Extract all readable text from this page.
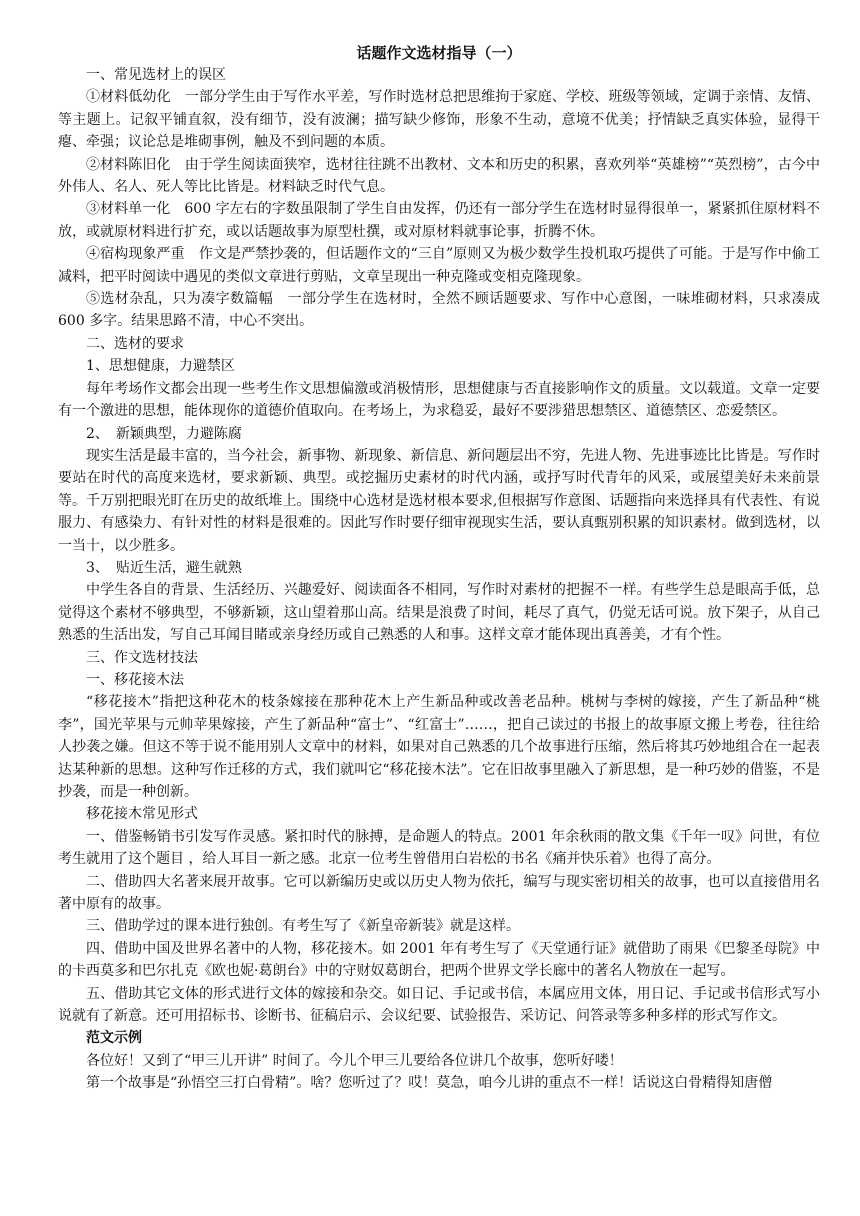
话题作文选材指导（一）

一、常见选材上的误区

①材料低幼化　一部分学生由于写作水平差，写作时选材总把思维拘于家庭、学校、班级等领域，定调于亲情、友情、等主题上。记叙平铺直叙，没有细节，没有波澜；描写缺少修饰，形象不生动，意境不优美；抒情缺乏真实体验，显得干瘪、牵强；议论总是堆砌事例，触及不到问题的本质。

②材料陈旧化　由于学生阅读面狭窄，选材往往跳不出教材、文本和历史的积累，喜欢列举“英雄榜”“英烈榜”，古今中外伟人、名人、死人等比比皆是。材料缺乏时代气息。

③材料单一化　600 字左右的字数虽限制了学生自由发挥，仍还有一部分学生在选材时显得很单一，紧紧抓住原材料不放，或就原材料进行扩充，或以话题故事为原型杜撰，或对原材料就事论事，折腾不休。

④宿构现象严重　作文是严禁抄袭的，但话题作文的“三自”原则又为极少数学生投机取巧提供了可能。于是写作中偷工减料，把平时阅读中遇见的类似文章进行剪贴，文章呈现出一种克隆或变相克隆现象。

⑤选材杂乱，只为凑字数篇幅　一部分学生在选材时，全然不顾话题要求、写作中心意图，一味堆砌材料，只求凑成 600 多字。结果思路不清，中心不突出。

二、选材的要求

1、思想健康，力避禁区

每年考场作文都会出现一些考生作文思想偏激或消极情形，思想健康与否直接影响作文的质量。文以载道。文章一定要有一个激进的思想，能体现你的道德价值取向。在考场上，为求稳妥，最好不要涉猎思想禁区、道德禁区、恋爱禁区。

2、　新颖典型，力避陈腐

现实生活是最丰富的，当今社会，新事物、新现象、新信息、新问题层出不穷，先进人物、先进事迹比比皆是。写作时要站在时代的高度来选材，要求新颖、典型。或挖掘历史素材的时代内涵，或抒写时代青年的风采，或展望美好未来前景等。千万别把眼光盯在历史的故纸堆上。围绕中心选材是选材根本要求,但根据写作意图、话题指向来选择具有代表性、有说服力、有感染力、有针对性的材料是很难的。因此写作时要仔细审视现实生活，要认真甄别积累的知识素材。做到选材，以一当十，以少胜多。

3、　贴近生活，避生就熟

中学生各自的背景、生活经历、兴趣爱好、阅读面各不相同，写作时对素材的把握不一样。有些学生总是眼高手低，总觉得这个素材不够典型，不够新颖，这山望着那山高。结果是浪费了时间，耗尽了真气，仍觉无话可说。放下架子，从自己熟悉的生活出发，写自己耳闻目睹或亲身经历或自己熟悉的人和事。这样文章才能体现出真善美，才有个性。

三、作文选材技法

一、移花接木法

“移花接木”指把这种花木的枝条嫁接在那种花木上产生新品种或改善老品种。桃树与李树的嫁接，产生了新品种“桃李”，国光苹果与元帅苹果嫁接，产生了新品种“富士”、“红富士”……，把自己读过的书报上的故事原文搬上考卷，往往给人抄袭之嫌。但这不等于说不能用别人文章中的材料，如果对自己熟悉的几个故事进行压缩，然后将其巧妙地组合在一起表达某种新的思想。这种写作迁移的方式，我们就叫它“移花接木法”。它在旧故事里融入了新思想，是一种巧妙的借鉴，不是抄袭，而是一种创新。

移花接木常见形式

一、借鉴畅销书引发写作灵感。紧扣时代的脉搏，是命题人的特点。2001 年余秋雨的散文集《千年一叹》问世，有位考生就用了这个题目 ，给人耳目一新之感。北京一位考生曾借用白岩松的书名《痛并快乐着》也得了高分。

二、借助四大名著来展开故事。它可以新编历史或以历史人物为依托，编写与现实密切相关的故事，也可以直接借用名著中原有的故事。

三、借助学过的课本进行独创。有考生写了《新皇帝新装》就是这样。

四、借助中国及世界名著中的人物，移花接木。如 2001 年有考生写了《天堂通行证》就借助了雨果《巴黎圣母院》中的卡西莫多和巴尔扎克《欧也妮·葛朗台》中的守财奴葛朗台，把两个世界文学长廊中的著名人物放在一起写。

五、借助其它文体的形式进行文体的嫁接和杂交。如日记、手记或书信，本属应用文体，用日记、手记或书信形式写小说就有了新意。还可用招标书、诊断书、征稿启示、会议纪要、试验报告、采访记、问答录等多种多样的形式写作文。

范文示例

各位好！又到了“甲三儿开讲” 时间了。今儿个甲三儿要给各位讲几个故事，您听好喽！

第一个故事是“孙悟空三打白骨精”。啥？您听过了？哎！莫急，咱今儿讲的重点不一样！话说这白骨精得知唐僧
